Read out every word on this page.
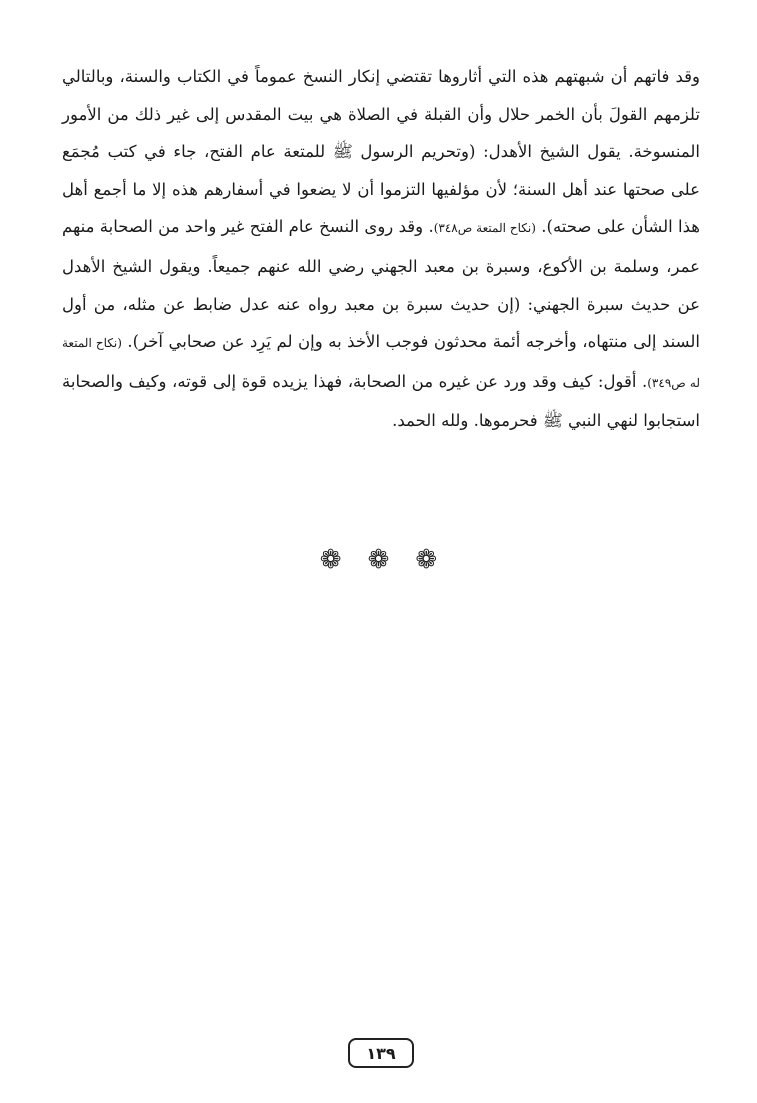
وقد فاتهم أن شبهتهم هذه التي أثاروها تقتضي إنكار النسخ عموماً في الكتاب والسنة، وبالتالي تلزمهم القولَ بأن الخمر حلال وأن القبلة في الصلاة هي بيت المقدس إلى غير ذلك من الأمور المنسوخة. يقول الشيخ الأهدل: (وتحريم الرسول ﷺ للمتعة عام الفتح، جاء في كتب مُجمَع على صحتها عند أهل السنة؛ لأن مؤلفيها التزموا أن لا يضعوا في أسفارهم هذه إلا ما أجمع أهل هذا الشأن على صحته). (نكاح المتعة ص٣٤٨). وقد روى النسخ عام الفتح غير واحد من الصحابة منهم عمر، وسلمة بن الأكوع، وسبرة بن معبد الجهني رضي الله عنهم جميعاً. ويقول الشيخ الأهدل عن حديث سبرة الجهني: (إن حديث سبرة بن معبد رواه عنه عدل ضابط عن مثله، من أول السند إلى منتهاه، وأخرجه أئمة محدثون فوجب الأخذ به وإن لم يَرِد عن صحابي آخر). (نكاح المتعة له ص٣٤٩). أقول: كيف وقد ورد عن غيره من الصحابة، فهذا يزيده قوة إلى قوته، وكيف والصحابة استجابوا لنهي النبي ﷺ فحرموها. ولله الحمد.

❁ ❁ ❁
١٣٩
